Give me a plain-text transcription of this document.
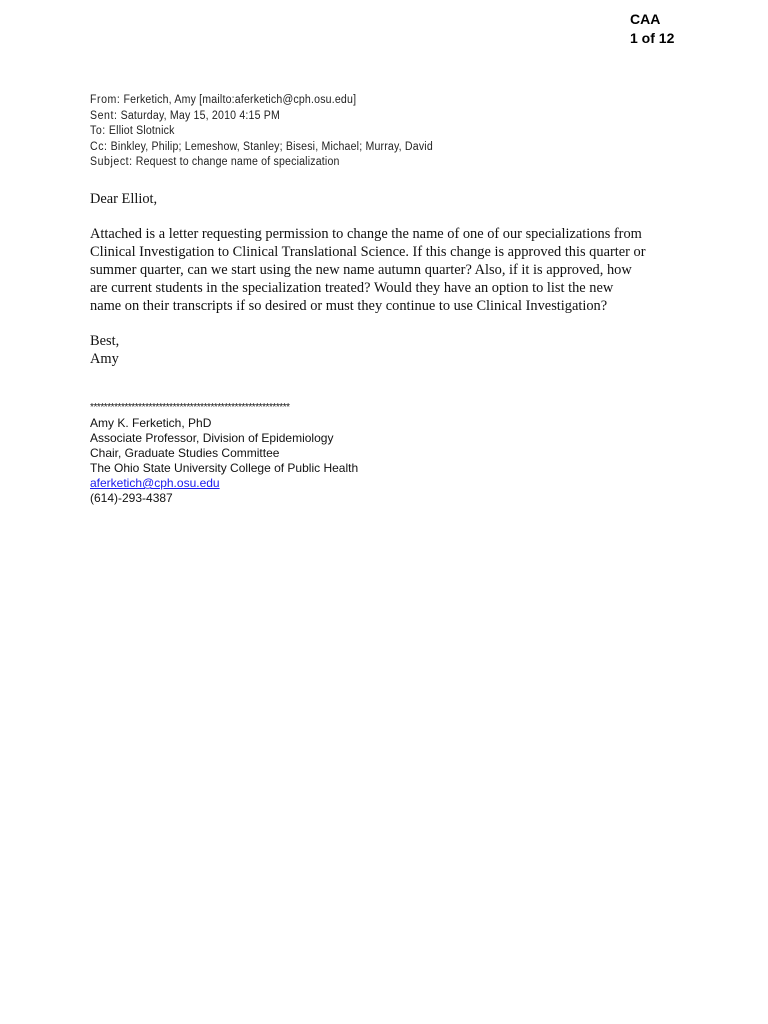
CAA
1 of 12
From: Ferketich, Amy [mailto:aferketich@cph.osu.edu]
Sent: Saturday, May 15, 2010 4:15 PM
To: Elliot Slotnick
Cc: Binkley, Philip; Lemeshow, Stanley; Bisesi, Michael; Murray, David
Subject: Request to change name of specialization
Dear Elliot,
Attached is a letter requesting permission to change the name of one of our specializations from
Clinical Investigation to Clinical Translational Science. If this change is approved this quarter or
summer quarter, can we start using the new name autumn quarter? Also, if it is approved, how
are current students in the specialization treated? Would they have an option to list the new
name on their transcripts if so desired or must they continue to use Clinical Investigation?
Best,
Amy
**********************************************************
Amy K. Ferketich, PhD
Associate Professor, Division of Epidemiology
Chair, Graduate Studies Committee
The Ohio State University College of Public Health
aferketich@cph.osu.edu
(614)-293-4387
